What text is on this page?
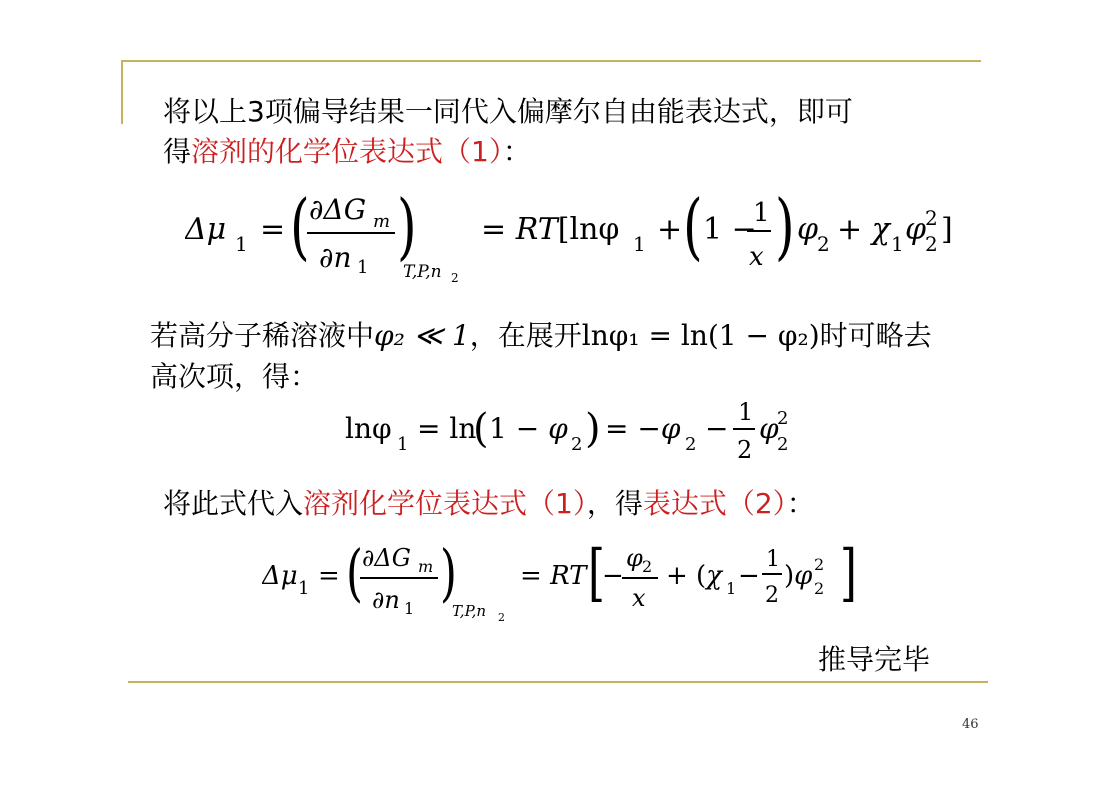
将以上3项偏导结果一同代入偏摩尔自由能表达式，即可
得溶剂的化学位表达式（1）：
Δμ 1 = ( ∂ΔG m
∂n 1 )
T,P,n 2
= RT[lnφ 1 + ( 1 −
1
x ) φ
2 + χ 1 φ
2
2 ]
若高分子稀溶液中φ₂ ≪ 1，在展开lnφ₁ = ln(1 − φ₂)时可略去
高次项，得：
lnφ 1 = ln
( 1 − φ 2 ) = −φ 2 − 1
2
φ
2
2
将此式代入溶剂化学位表达式（1），得表达式（2）：
Δμ 1 = ( ∂ΔG m
∂n 1 )
T,P,n 2
= RT [
−
φ 2
x
+ (χ 1 −
1
2
)φ 2
2 ]
推导完毕
46
